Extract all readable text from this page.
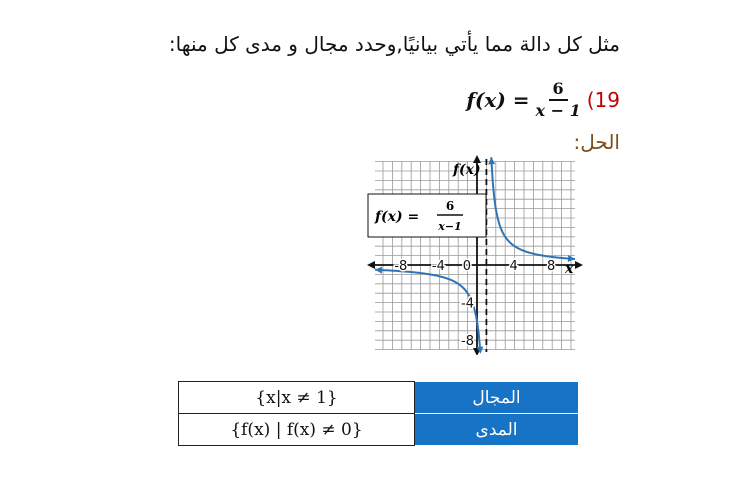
مثل كل دالة مما يأتي بيانيًا,وحدد مجال و مدى كل منها:
(19
$f(x) = \frac{6}{x - 1}$
الحل:
-8 -4 0	4 8
-4
-8
f(x)
x
f(x) =
6
x−1
{x|x ≠ 1}	المجال
{f(x) | f(x) ≠ 0}	المدى
